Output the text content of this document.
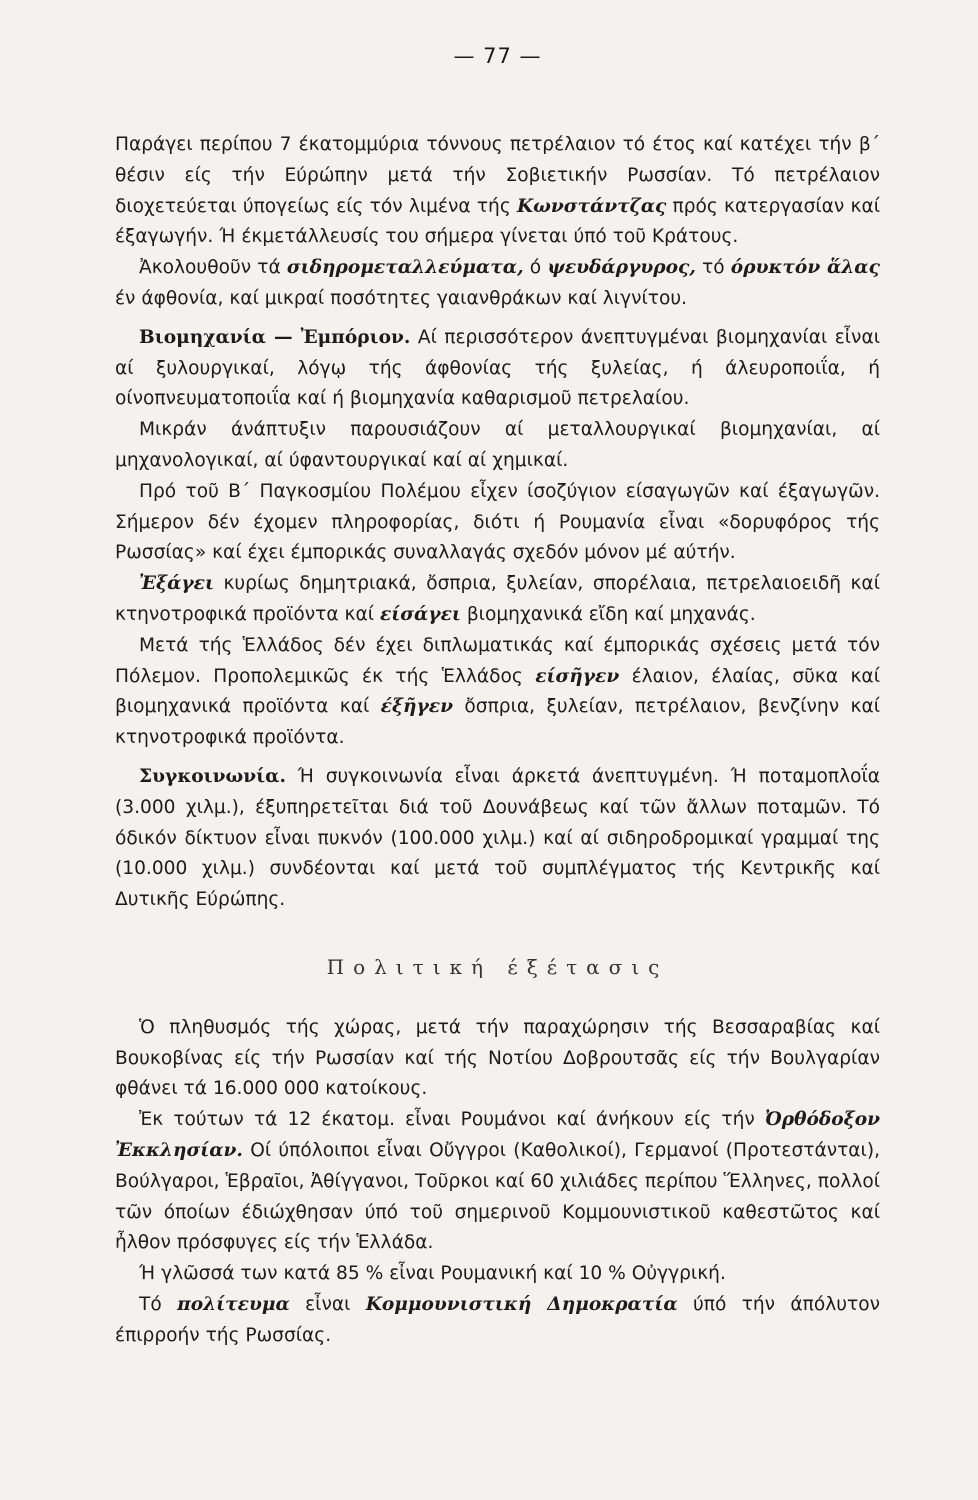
— 77 —

Παράγει περίπου 7 έκατομμύρια τόννους πετρέλαιον τό έτος καί κατέχει τήν β΄ θέσιν είς τήν Εύρώπην μετά τήν Σοβιετικήν Ρωσσίαν. Τό πετρέλαιον διοχετεύεται ύπογείως είς τόν λιμένα τής Κωνστάντζας πρός κατεργασίαν καί έξαγωγήν. Ή έκμετάλλευσίς του σήμερα γίνεται ύπό τοῦ Κράτους.

Ἀκολουθοῦν τά σιδηρομεταλλεύματα, ό ψευδάργυρος, τό όρυκτόν ἅλας έν άφθονία, καί μικραί ποσότητες γαιανθράκων καί λιγνίτου.

Βιομηχανία — Ἐμπόριον. Αί περισσότερον άνεπτυγμέναι βιομηχανίαι εἶναι αί ξυλουργικαί, λόγῳ τής άφθονίας τής ξυλείας, ή άλευροποιΐα, ή οίνοπνευματοποιΐα καί ή βιομηχανία καθαρισμοῦ πετρελαίου.

Μικράν άνάπτυξιν παρουσιάζουν αί μεταλλουργικαί βιομηχανίαι, αί μηχανολογικαί, αί ύφαντουργικαί καί αί χημικαί.

Πρό τοῦ Β΄ Παγκοσμίου Πολέμου εἶχεν ίσοζύγιον είσαγωγῶν καί έξαγωγῶν. Σήμερον δέν έχομεν πληροφορίας, διότι ή Ρουμανία εἶναι «δορυφόρος τής Ρωσσίας» καί έχει έμπορικάς συναλλαγάς σχεδόν μόνον μέ αύτήν.

Ἐξάγει κυρίως δημητριακά, ὄσπρια, ξυλείαν, σπορέλαια, πετρελαιοειδῆ καί κτηνοτροφικά προϊόντα καί είσάγει βιομηχανικά εἴδη καί μηχανάς.

Μετά τής Ἑλλάδος δέν έχει διπλωματικάς καί έμπορικάς σχέσεις μετά τόν Πόλεμον. Προπολεμικῶς έκ τής Ἑλλάδος είσῆγεν έλαιον, έλαίας, σῦκα καί βιομηχανικά προϊόντα καί έξῆγεν ὄσπρια, ξυλείαν, πετρέλαιον, βενζίνην καί κτηνοτροφικά προϊόντα.

Συγκοινωνία. Ή συγκοινωνία εἶναι άρκετά άνεπτυγμένη. Ή ποταμοπλοΐα (3.000 χιλμ.), έξυπηρετεῖται διά τοῦ Δουνάβεως καί τῶν ἄλλων ποταμῶν. Τό όδικόν δίκτυον εἶναι πυκνόν (100.000 χιλμ.) καί αί σιδηροδρομικαί γραμμαί της (10.000 χιλμ.) συνδέονται καί μετά τοῦ συμπλέγματος τής Κεντρικῆς καί Δυτικῆς Εύρώπης.

Πολιτική έξέτασις

Ὁ πληθυσμός τής χώρας, μετά τήν παραχώρησιν τής Βεσσαραβίας καί Βουκοβίνας είς τήν Ρωσσίαν καί τής Νοτίου Δοβρουτσᾶς είς τήν Βουλγαρίαν φθάνει τά 16.000 000 κατοίκους.

Ἐκ τούτων τά 12 έκατομ. εἶναι Ρουμάνοι καί άνήκουν είς τήν Ὀρθόδοξον Ἐκκλησίαν. Οί ύπόλοιποι εἶναι Οὔγγροι (Καθολικοί), Γερμανοί (Προτεστάνται), Βούλγαροι, Ἑβραῖοι, Ἀθίγγανοι, Τοῦρκοι καί 60 χιλιάδες περίπου Ἕλληνες, πολλοί τῶν όποίων έδιώχθησαν ύπό τοῦ σημερινοῦ Κομμουνιστικοῦ καθεστῶτος καί ἦλθον πρόσφυγες είς τήν Ἑλλάδα.

Ή γλῶσσά των κατά 85 % εἶναι Ρουμανική καί 10 % Οὐγγρική.

Τό πολίτευμα εἶναι Κομμουνιστική Δημοκρατία ύπό τήν άπόλυτον έπιρροήν τής Ρωσσίας.
